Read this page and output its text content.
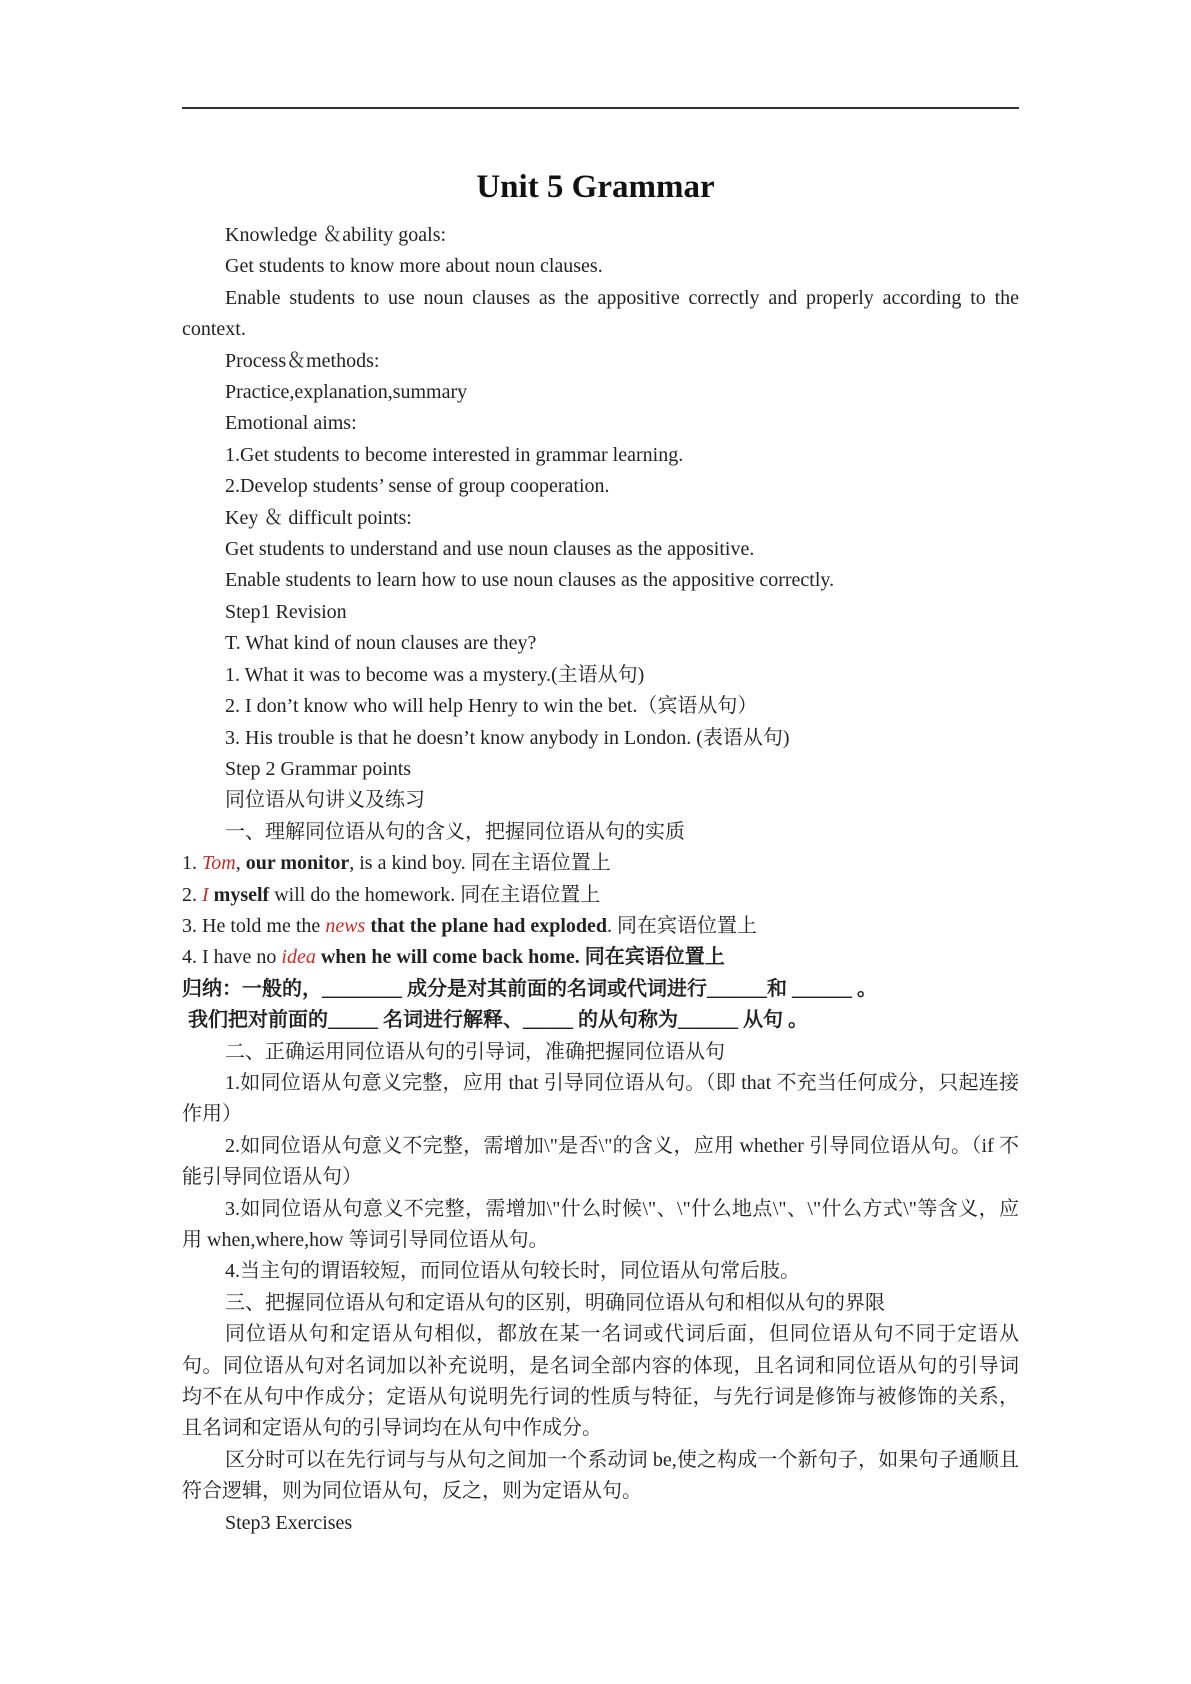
Unit 5 Grammar

Knowledge ＆ability goals:

Get students to know more about noun clauses.

Enable students to use noun clauses as the appositive correctly and properly according to the context.

Process＆methods:

Practice,explanation,summary

Emotional aims:

1.Get students to become interested in grammar learning.

2.Develop students’ sense of group cooperation.

Key ＆ difficult points:

Get students to understand and use noun clauses as the appositive.

Enable students to learn how to use noun clauses as the appositive correctly.

Step1 Revision

T. What kind of noun clauses are they?

1. What it was to become was a mystery.(主语从句)

2. I don’t know who will help Henry to win the bet.（宾语从句）

3. His trouble is that he doesn’t know anybody in London. (表语从句)

Step 2 Grammar points

同位语从句讲义及练习

一、理解同位语从句的含义，把握同位语从句的实质

1. Tom, our monitor, is a kind boy. 同在主语位置上

2. I myself will do the homework. 同在主语位置上

3. He told me the news that the plane had exploded. 同在宾语位置上

4. I have no idea when he will come back home. 同在宾语位置上

归纳：一般的，________ 成分是对其前面的名词或代词进行______和 ______ 。

我们把对前面的_____ 名词进行解释、_____ 的从句称为______ 从句 。

二、正确运用同位语从句的引导词，准确把握同位语从句

1.如同位语从句意义完整，应用 that 引导同位语从句。（即 that 不充当任何成分，只起连接作用）

2.如同位语从句意义不完整，需增加\"是否\"的含义，应用 whether 引导同位语从句。（if 不能引导同位语从句）

3.如同位语从句意义不完整，需增加\"什么时候\"、\"什么地点\"、\"什么方式\"等含义，应用 when,where,how 等词引导同位语从句。

4.当主句的谓语较短，而同位语从句较长时，同位语从句常后肢。

三、把握同位语从句和定语从句的区别，明确同位语从句和相似从句的界限

同位语从句和定语从句相似，都放在某一名词或代词后面，但同位语从句不同于定语从句。同位语从句对名词加以补充说明，是名词全部内容的体现，且名词和同位语从句的引导词均不在从句中作成分；定语从句说明先行词的性质与特征，与先行词是修饰与被修饰的关系，且名词和定语从句的引导词均在从句中作成分。

区分时可以在先行词与与从句之间加一个系动词 be,使之构成一个新句子，如果句子通顺且符合逻辑，则为同位语从句，反之，则为定语从句。

Step3 Exercises
